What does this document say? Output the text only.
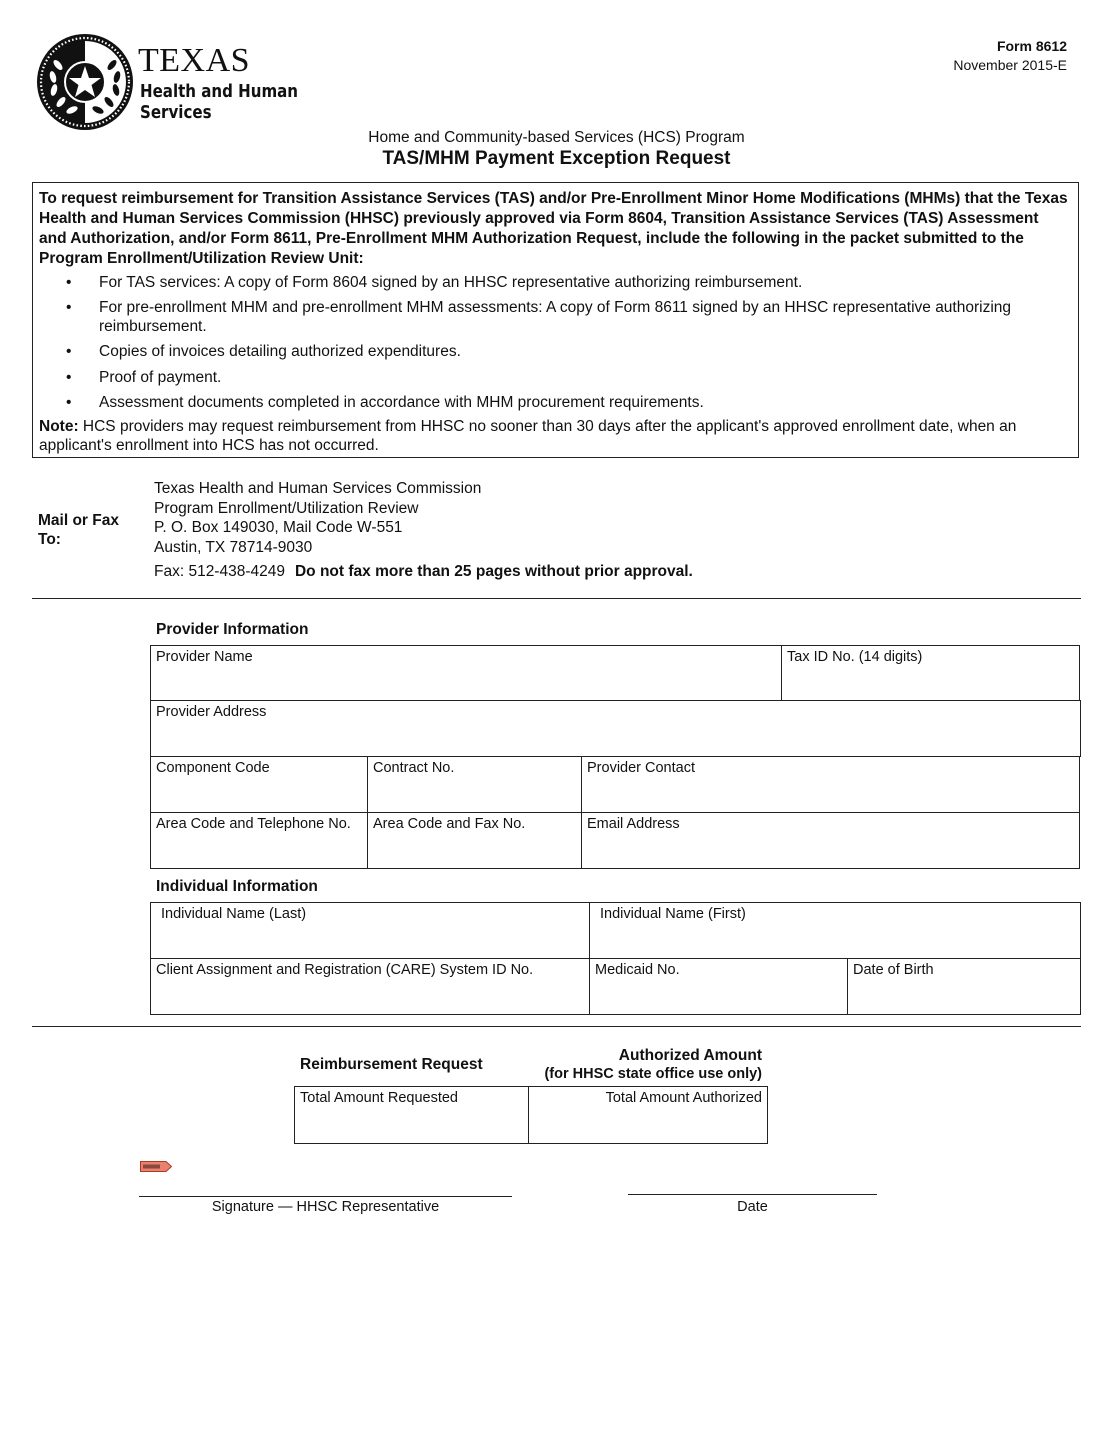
TEXAS
Health and Human
Services
Form 8612
November 2015-E
Home and Community-based Services (HCS) Program
TAS/MHM Payment Exception Request
To request reimbursement for Transition Assistance Services (TAS) and/or Pre-Enrollment Minor Home Modifications (MHMs) that the Texas Health and Human Services Commission (HHSC) previously approved via Form 8604, Transition Assistance Services (TAS) Assessment and Authorization, and/or Form 8611, Pre-Enrollment MHM Authorization Request, include the following in the packet submitted to the Program Enrollment/Utilization Review Unit:
• For TAS services: A copy of Form 8604 signed by an HHSC representative authorizing reimbursement.
• For pre-enrollment MHM and pre-enrollment MHM assessments: A copy of Form 8611 signed by an HHSC representative authorizing reimbursement.
• Copies of invoices detailing authorized expenditures.
• Proof of payment.
• Assessment documents completed in accordance with MHM procurement requirements.
Note: HCS providers may request reimbursement from HHSC no sooner than 30 days after the applicant's approved enrollment date, when an applicant's enrollment into HCS has not occurred.
Mail or Fax
To:
Texas Health and Human Services Commission
Program Enrollment/Utilization Review
P. O. Box 149030, Mail Code W-551
Austin, TX 78714-9030
Fax: 512-438-4249 Do not fax more than 25 pages without prior approval.
Provider Information
Provider Name	Tax ID No. (14 digits)
Provider Address
Component Code	Contract No.	Provider Contact
Area Code and Telephone No.	Area Code and Fax No.	Email Address
Individual Information
Individual Name (Last)	Individual Name (First)
Client Assignment and Registration (CARE) System ID No.	Medicaid No.	Date of Birth
Reimbursement Request
Authorized Amount
(for HHSC state office use only)
Total Amount Requested	Total Amount Authorized
Signature — HHSC Representative	Date
